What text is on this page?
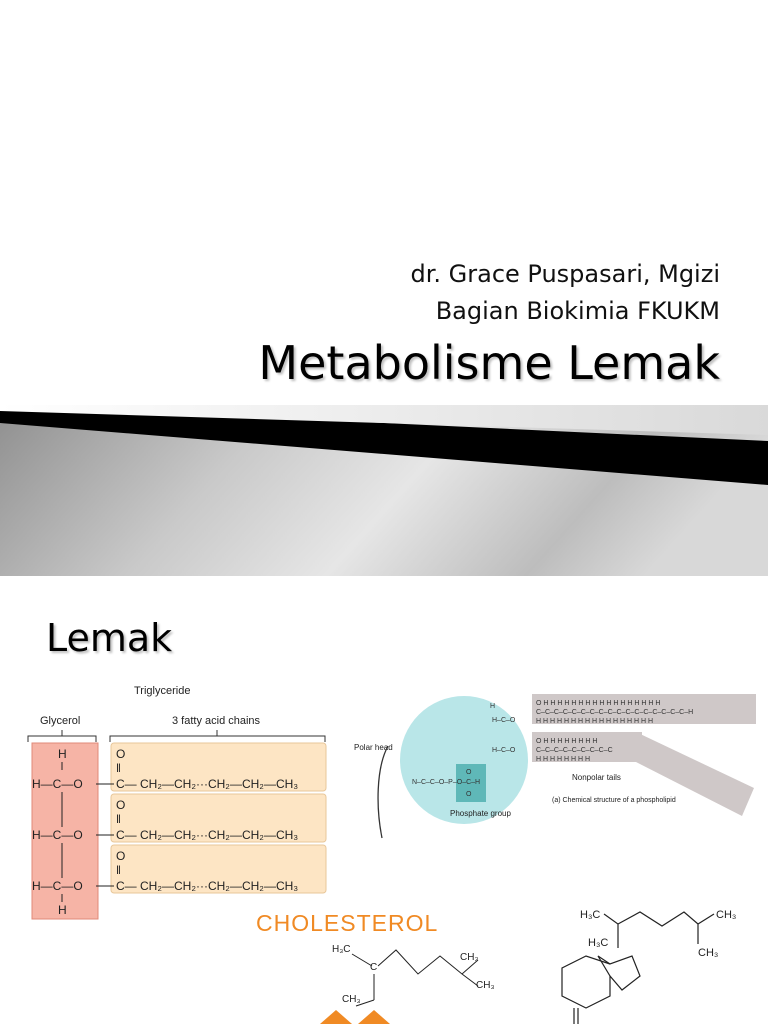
dr. Grace Puspasari, Mgizi
Bagian Biokimia FKUKM
Metabolisme Lemak
Lemak
Triglyceride
Glycerol	3 fatty acid chains
H
H—C—O
H—C—O
H—C—O
H
O
‖
O
‖
O
‖
C— CH₂—CH₂···CH₂—CH₂—CH₃
C— CH₂—CH₂···CH₂—CH₂—CH₃
C— CH₂—CH₂···CH₂—CH₂—CH₃
O H H H H H H H H H H H H H H H H H
C–C–C–C–C–C–C–C–C–C–C–C–C–C–C–C–C–H
H H H H H H H H H H H H H H H H H
O H H H H H H H H
C–C–C–C–C–C–C–C–C
H H H H H H H H
H
H–C–O
H–C–O
N–C–C–O–P–O–C–H
O
O
Polar head
Nonpolar tails
Phosphate group
(a) Chemical structure of a phospholipid
CHOLESTEROL
H₃C
C
CH₃
CH₃
CH₃
H₃C	CH₃
CH₃
H₃C
